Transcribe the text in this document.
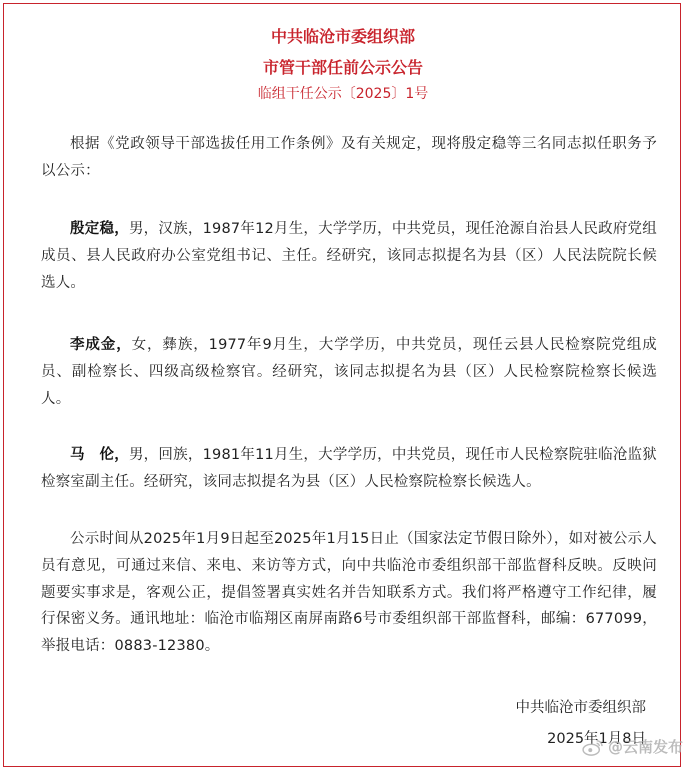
中共临沧市委组织部
市管干部任前公示公告
临组干任公示〔2025〕1号
根据《党政领导干部选拔任用工作条例》及有关规定，现将殷定稳等三名同志拟任职务予以公示：
殷定稳，男，汉族，1987年12月生，大学学历，中共党员，现任沧源自治县人民政府党组成员、县人民政府办公室党组书记、主任。经研究，该同志拟提名为县（区）人民法院院长候选人。
李成金，女，彝族，1977年9月生，大学学历，中共党员，现任云县人民检察院党组成员、副检察长、四级高级检察官。经研究，该同志拟提名为县（区）人民检察院检察长候选人。
马　伦，男，回族，1981年11月生，大学学历，中共党员，现任市人民检察院驻临沧监狱检察室副主任。经研究，该同志拟提名为县（区）人民检察院检察长候选人。
公示时间从2025年1月9日起至2025年1月15日止（国家法定节假日除外），如对被公示人员有意见，可通过来信、来电、来访等方式，向中共临沧市委组织部干部监督科反映。反映问题要实事求是，客观公正，提倡签署真实姓名并告知联系方式。我们将严格遵守工作纪律，履行保密义务。通讯地址：临沧市临翔区南屏南路6号市委组织部干部监督科，邮编：677099，举报电话：0883-12380。
中共临沧市委组织部
2025年1月8日
@云南发布
